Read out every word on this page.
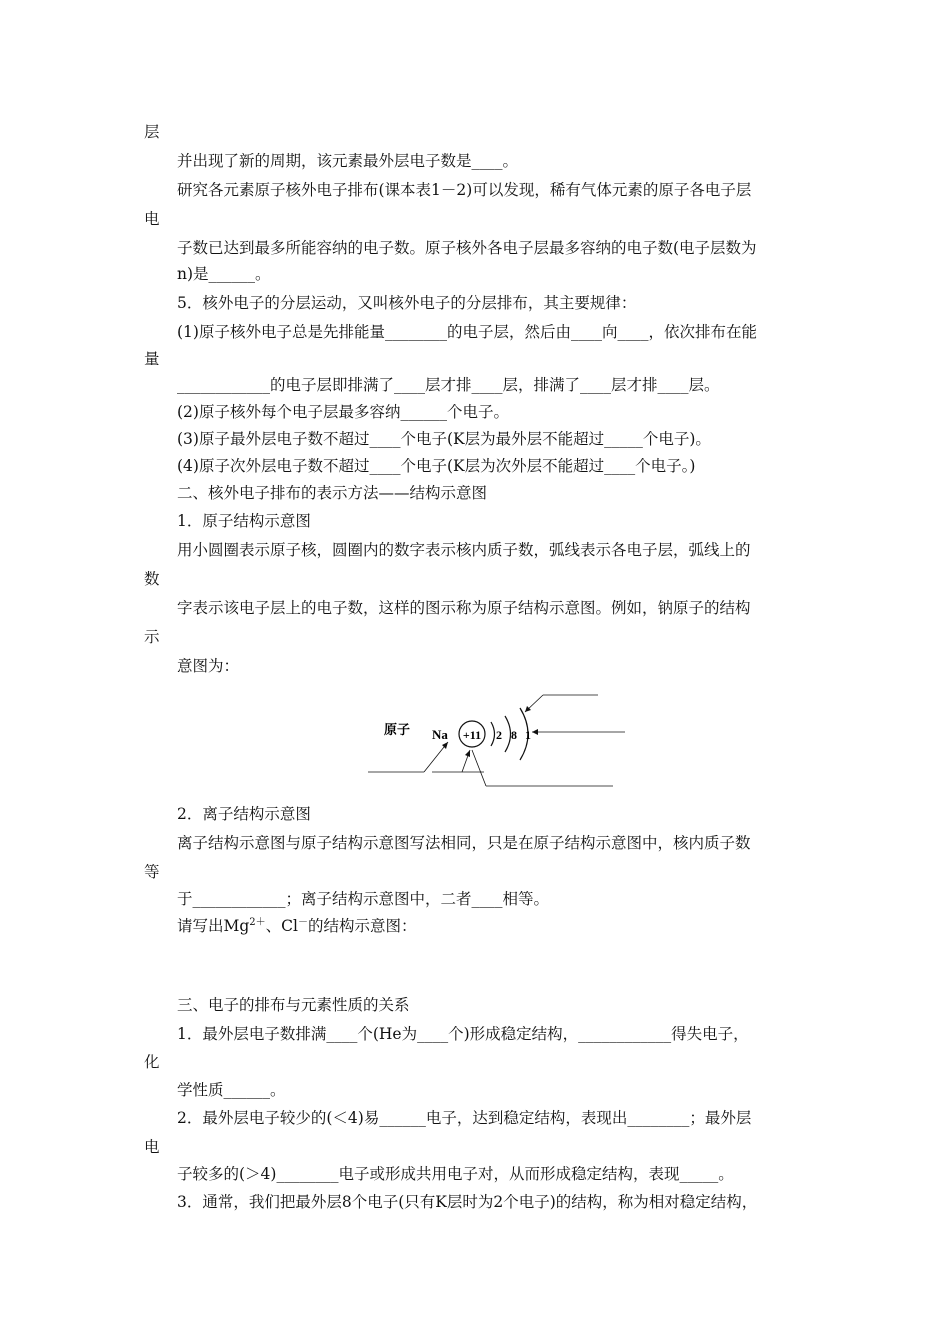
层
并出现了新的周期，该元素最外层电子数是____。
研究各元素原子核外电子排布(课本表1－2)可以发现，稀有气体元素的原子各电子层
电
子数已达到最多所能容纳的电子数。原子核外各电子层最多容纳的电子数(电子层数为
n)是______。
5．核外电子的分层运动，又叫核外电子的分层排布，其主要规律：
(1)原子核外电子总是先排能量________的电子层，然后由____向____，依次排布在能
量
____________的电子层即排满了____层才排____层，排满了____层才排____层。
(2)原子核外每个电子层最多容纳______个电子。
(3)原子最外层电子数不超过____个电子(K层为最外层不能超过_____个电子)。
(4)原子次外层电子数不超过____个电子(K层为次外层不能超过____个电子。)
二、核外电子排布的表示方法——结构示意图
1．原子结构示意图
用小圆圈表示原子核，圆圈内的数字表示核内质子数，弧线表示各电子层，弧线上的
数
字表示该电子层上的电子数，这样的图示称为原子结构示意图。例如，钠原子的结构
示
意图为：
原子 Na +11 2 8 1
2．离子结构示意图
离子结构示意图与原子结构示意图写法相同，只是在原子结构示意图中，核内质子数
等
于____________；离子结构示意图中，二者____相等。
请写出$Mg^{2+}$、Cl－的结构示意图：
三、电子的排布与元素性质的关系
1．最外层电子数排满____个(He为____个)形成稳定结构，____________得失电子，
化
学性质______。
2．最外层电子较少的(＜4)易______电子，达到稳定结构，表现出________；最外层
电
子较多的(＞4)________电子或形成共用电子对，从而形成稳定结构，表现_____。
3．通常，我们把最外层8个电子(只有K层时为2个电子)的结构，称为相对稳定结构，
